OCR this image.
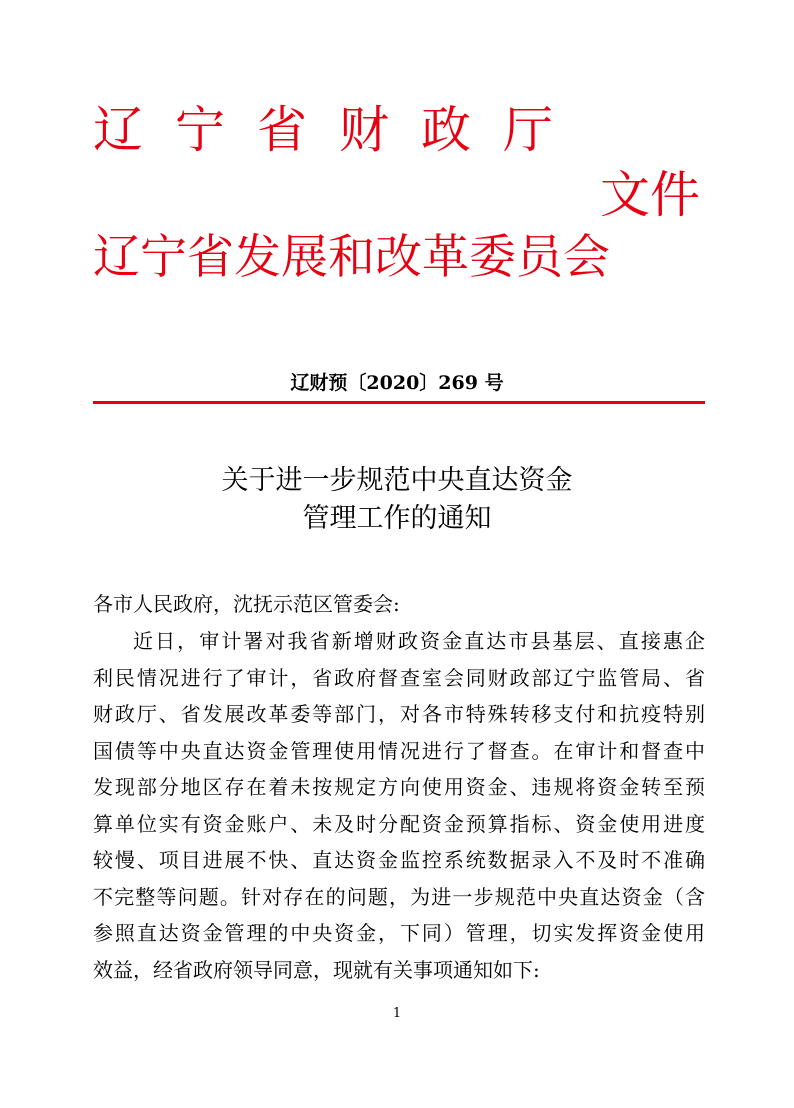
辽宁省财政厅
文件
辽宁省发展和改革委员会
辽财预〔2020〕269 号
关于进一步规范中央直达资金
管理工作的通知
各市人民政府，沈抚示范区管委会:
近日，审计署对我省新增财政资金直达市县基层、直接惠企
利民情况进行了审计，省政府督查室会同财政部辽宁监管局、省
财政厅、省发展改革委等部门，对各市特殊转移支付和抗疫特别
国债等中央直达资金管理使用情况进行了督查。在审计和督查中
发现部分地区存在着未按规定方向使用资金、违规将资金转至预
算单位实有资金账户、未及时分配资金预算指标、资金使用进度
较慢、项目进展不快、直达资金监控系统数据录入不及时不准确
不完整等问题。针对存在的问题，为进一步规范中央直达资金（含
参照直达资金管理的中央资金，下同）管理，切实发挥资金使用
效益，经省政府领导同意，现就有关事项通知如下:
1
